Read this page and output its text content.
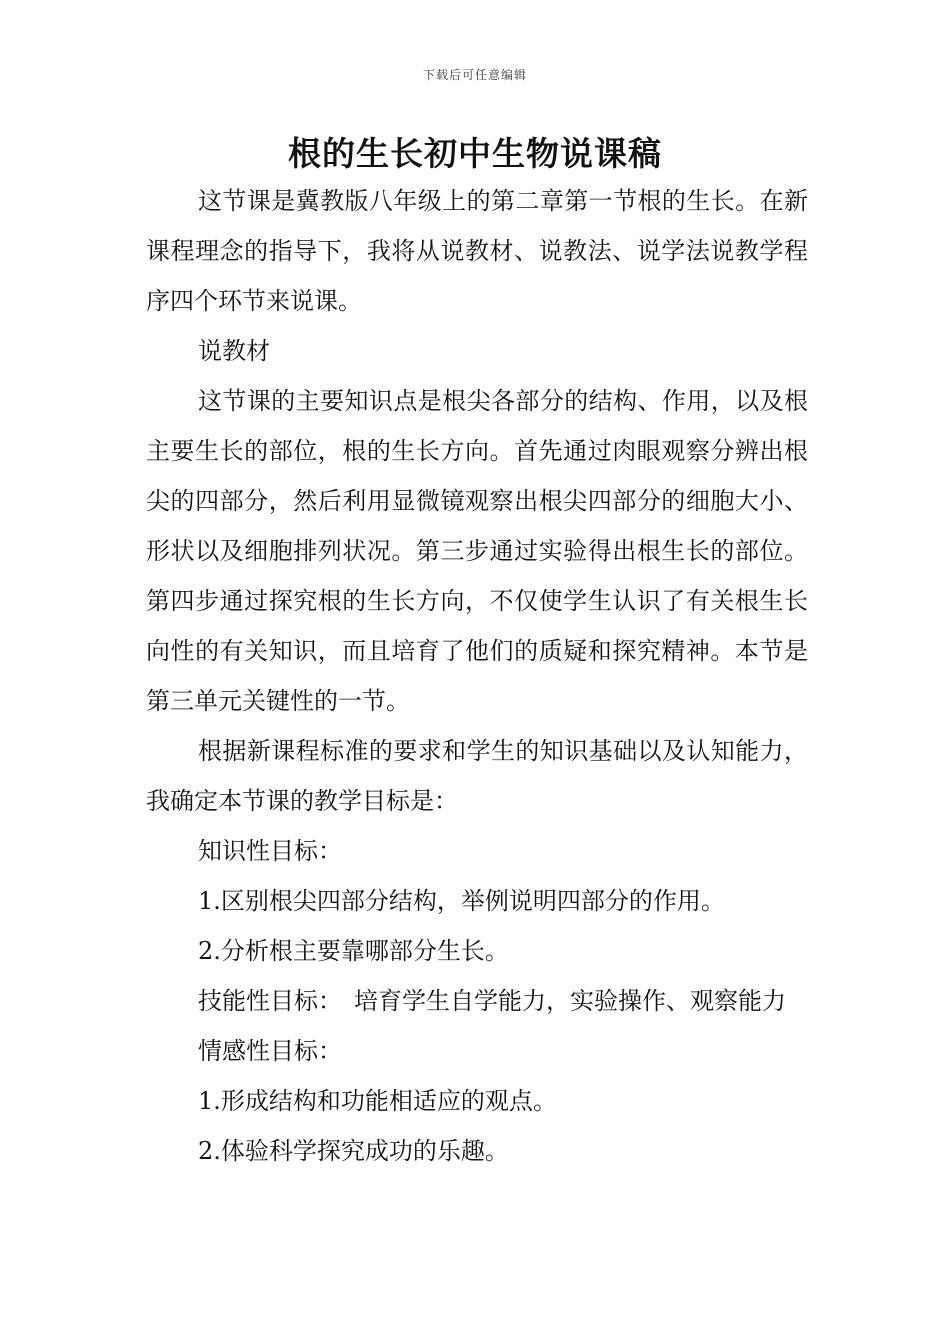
下载后可任意编辑
根的生长初中生物说课稿

这节课是冀教版八年级上的第二章第一节根的生长。在新课程理念的指导下，我将从说教材、说教法、说学法说教学程序四个环节来说课。

说教材

这节课的主要知识点是根尖各部分的结构、作用，以及根主要生长的部位，根的生长方向。首先通过肉眼观察分辨出根尖的四部分，然后利用显微镜观察出根尖四部分的细胞大小、形状以及细胞排列状况。第三步通过实验得出根生长的部位。第四步通过探究根的生长方向，不仅使学生认识了有关根生长向性的有关知识，而且培育了他们的质疑和探究精神。本节是第三单元关键性的一节。

根据新课程标准的要求和学生的知识基础以及认知能力，我确定本节课的教学目标是：

知识性目标：

1.区别根尖四部分结构，举例说明四部分的作用。

2.分析根主要靠哪部分生长。

技能性目标：　培育学生自学能力，实验操作、观察能力

情感性目标：

1.形成结构和功能相适应的观点。

2.体验科学探究成功的乐趣。
